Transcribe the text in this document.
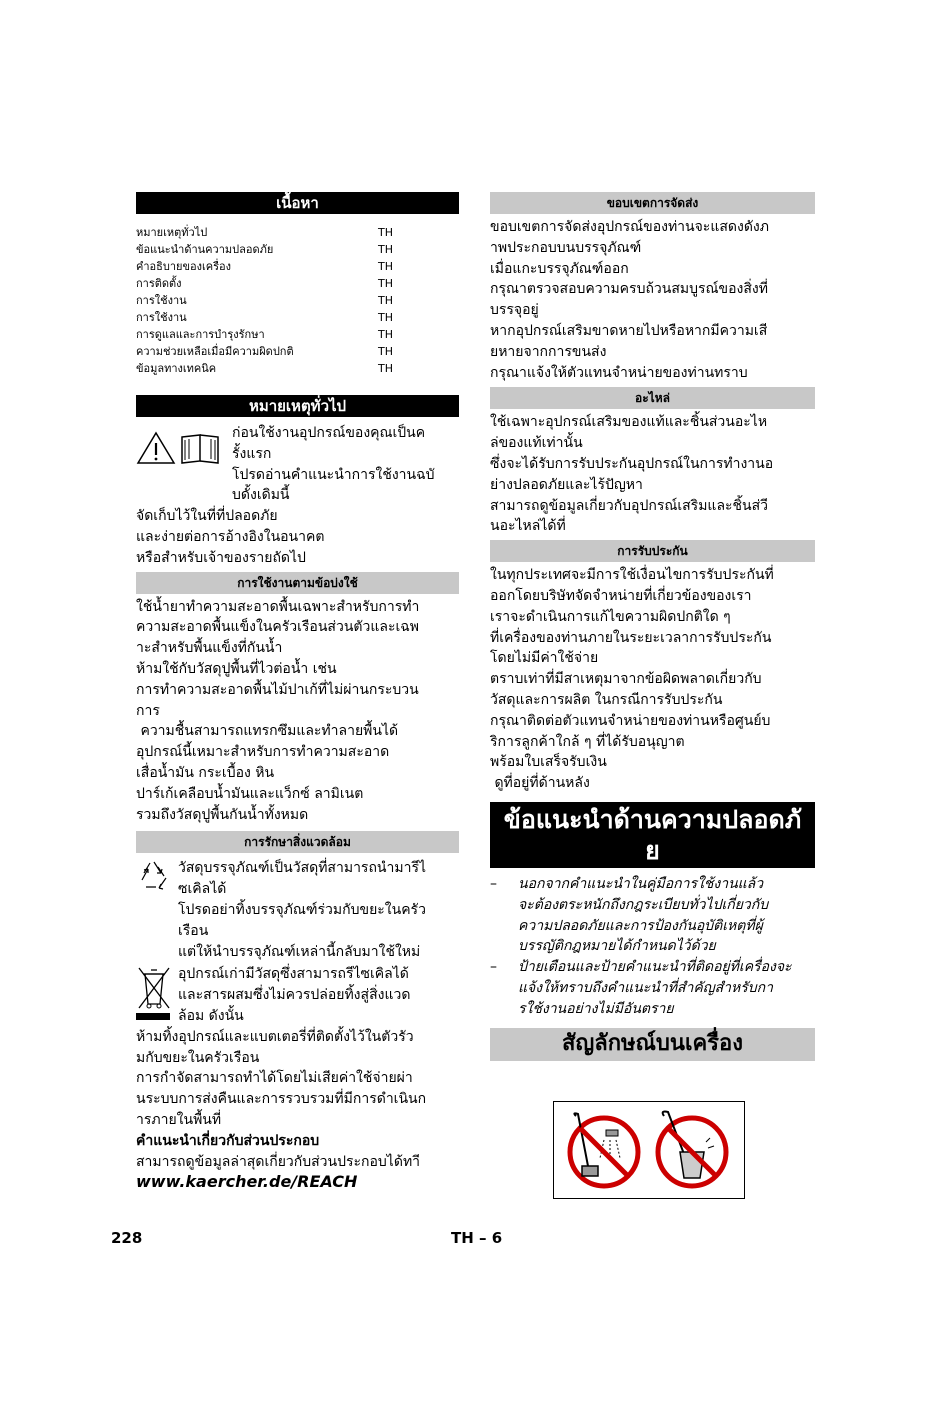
เนื้อหา
หมายเหตุทั่วไป	TH
ข้อแนะนำด้านความปลอดภัย	TH
คำอธิบายของเครื่อง	TH
การติดตั้ง	TH
การใช้งาน	TH
การใช้งาน	TH
การดูแลและการบำรุงรักษา	TH
ความช่วยเหลือเมื่อมีความผิดปกติ	TH
ข้อมูลทางเทคนิค	TH
หมายเหตุทั่วไป
ก่อนใช้งานอุปกรณ์ของคุณเป็นค
รั้งแรก
โปรดอ่านคำแนะนำการใช้งานฉบั
บดั้งเดิมนี้
จัดเก็บไว้ในที่ที่ปลอดภัย
และง่ายต่อการอ้างอิงในอนาคต
หรือสำหรับเจ้าของรายถัดไป
การใช้งานตามข้อบ่งใช้
ใช้น้ำยาทำความสะอาดพื้นเฉพาะสำหรับการทำ
ความสะอาดพื้นแข็งในครัวเรือนส่วนตัวและเฉพ
าะสำหรับพื้นแข็งที่กันน้ำ
ห้ามใช้กับวัสดุปูพื้นที่ไวต่อน้ำ เช่น
การทำความสะอาดพื้นไม้ปาเก้ที่ไม่ผ่านกระบวน
การ
ความชื้นสามารถแทรกซึมและทำลายพื้นได้
อุปกรณ์นี้เหมาะสำหรับการทำความสะอาด
เสื่อน้ำมัน กระเบื้อง หิน
ปาร์เก้เคลือบน้ำมันและแว็กซ์ ลามิเนต
รวมถึงวัสดุปูพื้นกันน้ำทั้งหมด
การรักษาสิ่งแวดล้อม
วัสดุบรรจุภัณฑ์เป็นวัสดุที่สามารถนำมารีไ
ซเคิลได้
โปรดอย่าทิ้งบรรจุภัณฑ์ร่วมกับขยะในครัว
เรือน
แต่ให้นำบรรจุภัณฑ์เหล่านี้กลับมาใช้ใหม่
อุปกรณ์เก่ามีวัสดุซึ่งสามารถรีไซเคิลได้
และสารผสมซึ่งไม่ควรปล่อยทิ้งสู่สิ่งแวด
ล้อม ดังนั้น
ห้ามทิ้งอุปกรณ์และแบตเตอรี่ที่ติดตั้งไว้ในตัวรัว
มกับขยะในครัวเรือน
การกำจัดสามารถทำได้โดยไม่เสียค่าใช้จ่ายผ่า
นระบบการส่งคืนและการรวบรวมที่มีการดำเนินก
ารภายในพื้นที่
คำแนะนำเกี่ยวกับส่วนประกอบ
สามารถดูข้อมูลล่าสุดเกี่ยวกับส่วนประกอบได้ทาี
www.kaercher.de/REACH
ขอบเขตการจัดส่ง
ขอบเขตการจัดส่งอุปกรณ์ของท่านจะแสดงดังภ
าพประกอบบนบรรจุภัณฑ์
เมื่อแกะบรรจุภัณฑ์ออก
กรุณาตรวจสอบความครบถ้วนสมบูรณ์ของสิ่งที่
บรรจุอยู่
หากอุปกรณ์เสริมขาดหายไปหรือหากมีความเสี
ยหายจากการขนส่ง
กรุณาแจ้งให้ตัวแทนจำหน่ายของท่านทราบ
อะไหล่
ใช้เฉพาะอุปกรณ์เสริมของแท้และชิ้นส่วนอะไห
ล่ของแท้เท่านั้น
ซึ่งจะได้รับการรับประกันอุปกรณ์ในการทำงานอ
ย่างปลอดภัยและไร้ปัญหา
สามารถดูข้อมูลเกี่ยวกับอุปกรณ์เสริมและชิ้นส่วี
นอะไหล่ได้ที่
การรับประกัน
ในทุกประเทศจะมีการใช้เงื่อนไขการรับประกันที่
ออกโดยบริษัทจัดจำหน่ายที่เกี่ยวข้องของเรา
เราจะดำเนินการแก้ไขความผิดปกติใด ๆ
ที่เครื่องของท่านภายในระยะเวลาการรับประกัน
โดยไม่มีค่าใช้จ่าย
ตราบเท่าที่มีสาเหตุมาจากข้อผิดพลาดเกี่ยวกับ
วัสดุและการผลิต ในกรณีการรับประกัน
กรุณาติดต่อตัวแทนจำหน่ายของท่านหรือศูนย์บ
ริการลูกค้าใกล้ ๆ ที่ได้รับอนุญาต
พร้อมใบเสร็จรับเงิน
ดูที่อยู่ที่ด้านหลัง
ข้อแนะนำด้านความปลอดภั
ย
–	นอกจากคำแนะนำในคู่มือการใช้งานแล้ว
จะต้องตระหนักถึงกฎระเบียบทั่วไปเกี่ยวกับ
ความปลอดภัยและการป้องกันอุบัติเหตุที่ผู้
บรรญัติกฎหมายได้กำหนดไว้ด้วย
–	ป้ายเตือนและป้ายคำแนะนำที่ติดอยู่ที่เครื่องจะ
แจ้งให้ทราบถึงคำแนะนำที่สำคัญสำหรับกา
รใช้งานอย่างไม่มีอันตราย
สัญลักษณ์บนเครื่อง
228	TH – 6
